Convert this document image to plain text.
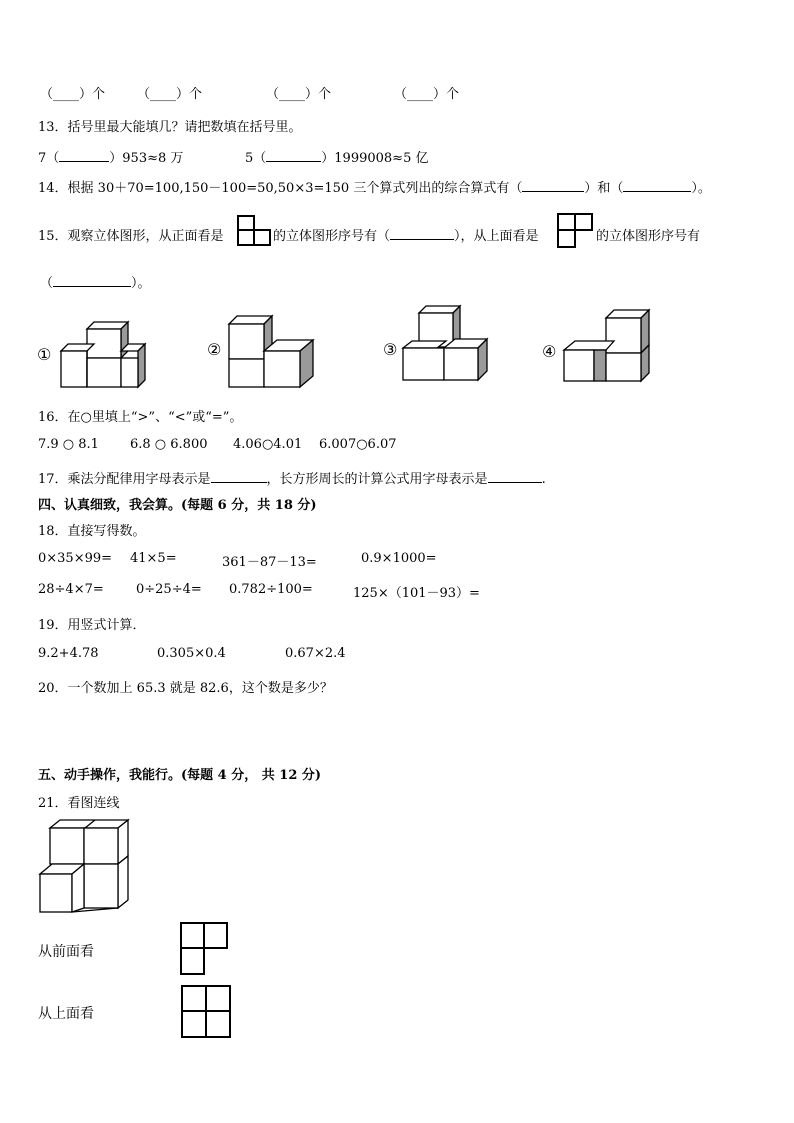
（____）个 （____）个	（____）个	（____）个
13．括号里最大能填几？请把数填在括号里。
7（	）953≈8 万	5（	）1999008≈5 亿
14．根据 30＋70=100,150－100=50,50×3=150 三个算式列出的综合算式有（	）和（	）。
15．观察立体图形，从正面看是	的立体图形序号有（	），从上面看是	的立体图形序号有
（	）。
①	②	③	④
16．在○里填上“>”、“<”或“=”。
7.9 ○ 8.1 6.8 ○ 6.800 4.06○4.01 6.007○6.07
17．乘法分配律用字母表示是	，长方形周长的计算公式用字母表示是	.
四、认真细致，我会算。(每题 6 分，共 18 分)
18．直接写得数。
0×35×99= 41×5=	361－87－13=	0.9×1000=
28÷4×7= 0÷25÷4= 0.782÷100=	125×（101－93）=
19．用竖式计算．
9.2+4.78	0.305×0.4	0.67×2.4
20．一个数加上 65.3 就是 82.6，这个数是多少？
五、动手操作，我能行。(每题 4 分， 共 12 分)
21．看图连线
从前面看
从上面看
